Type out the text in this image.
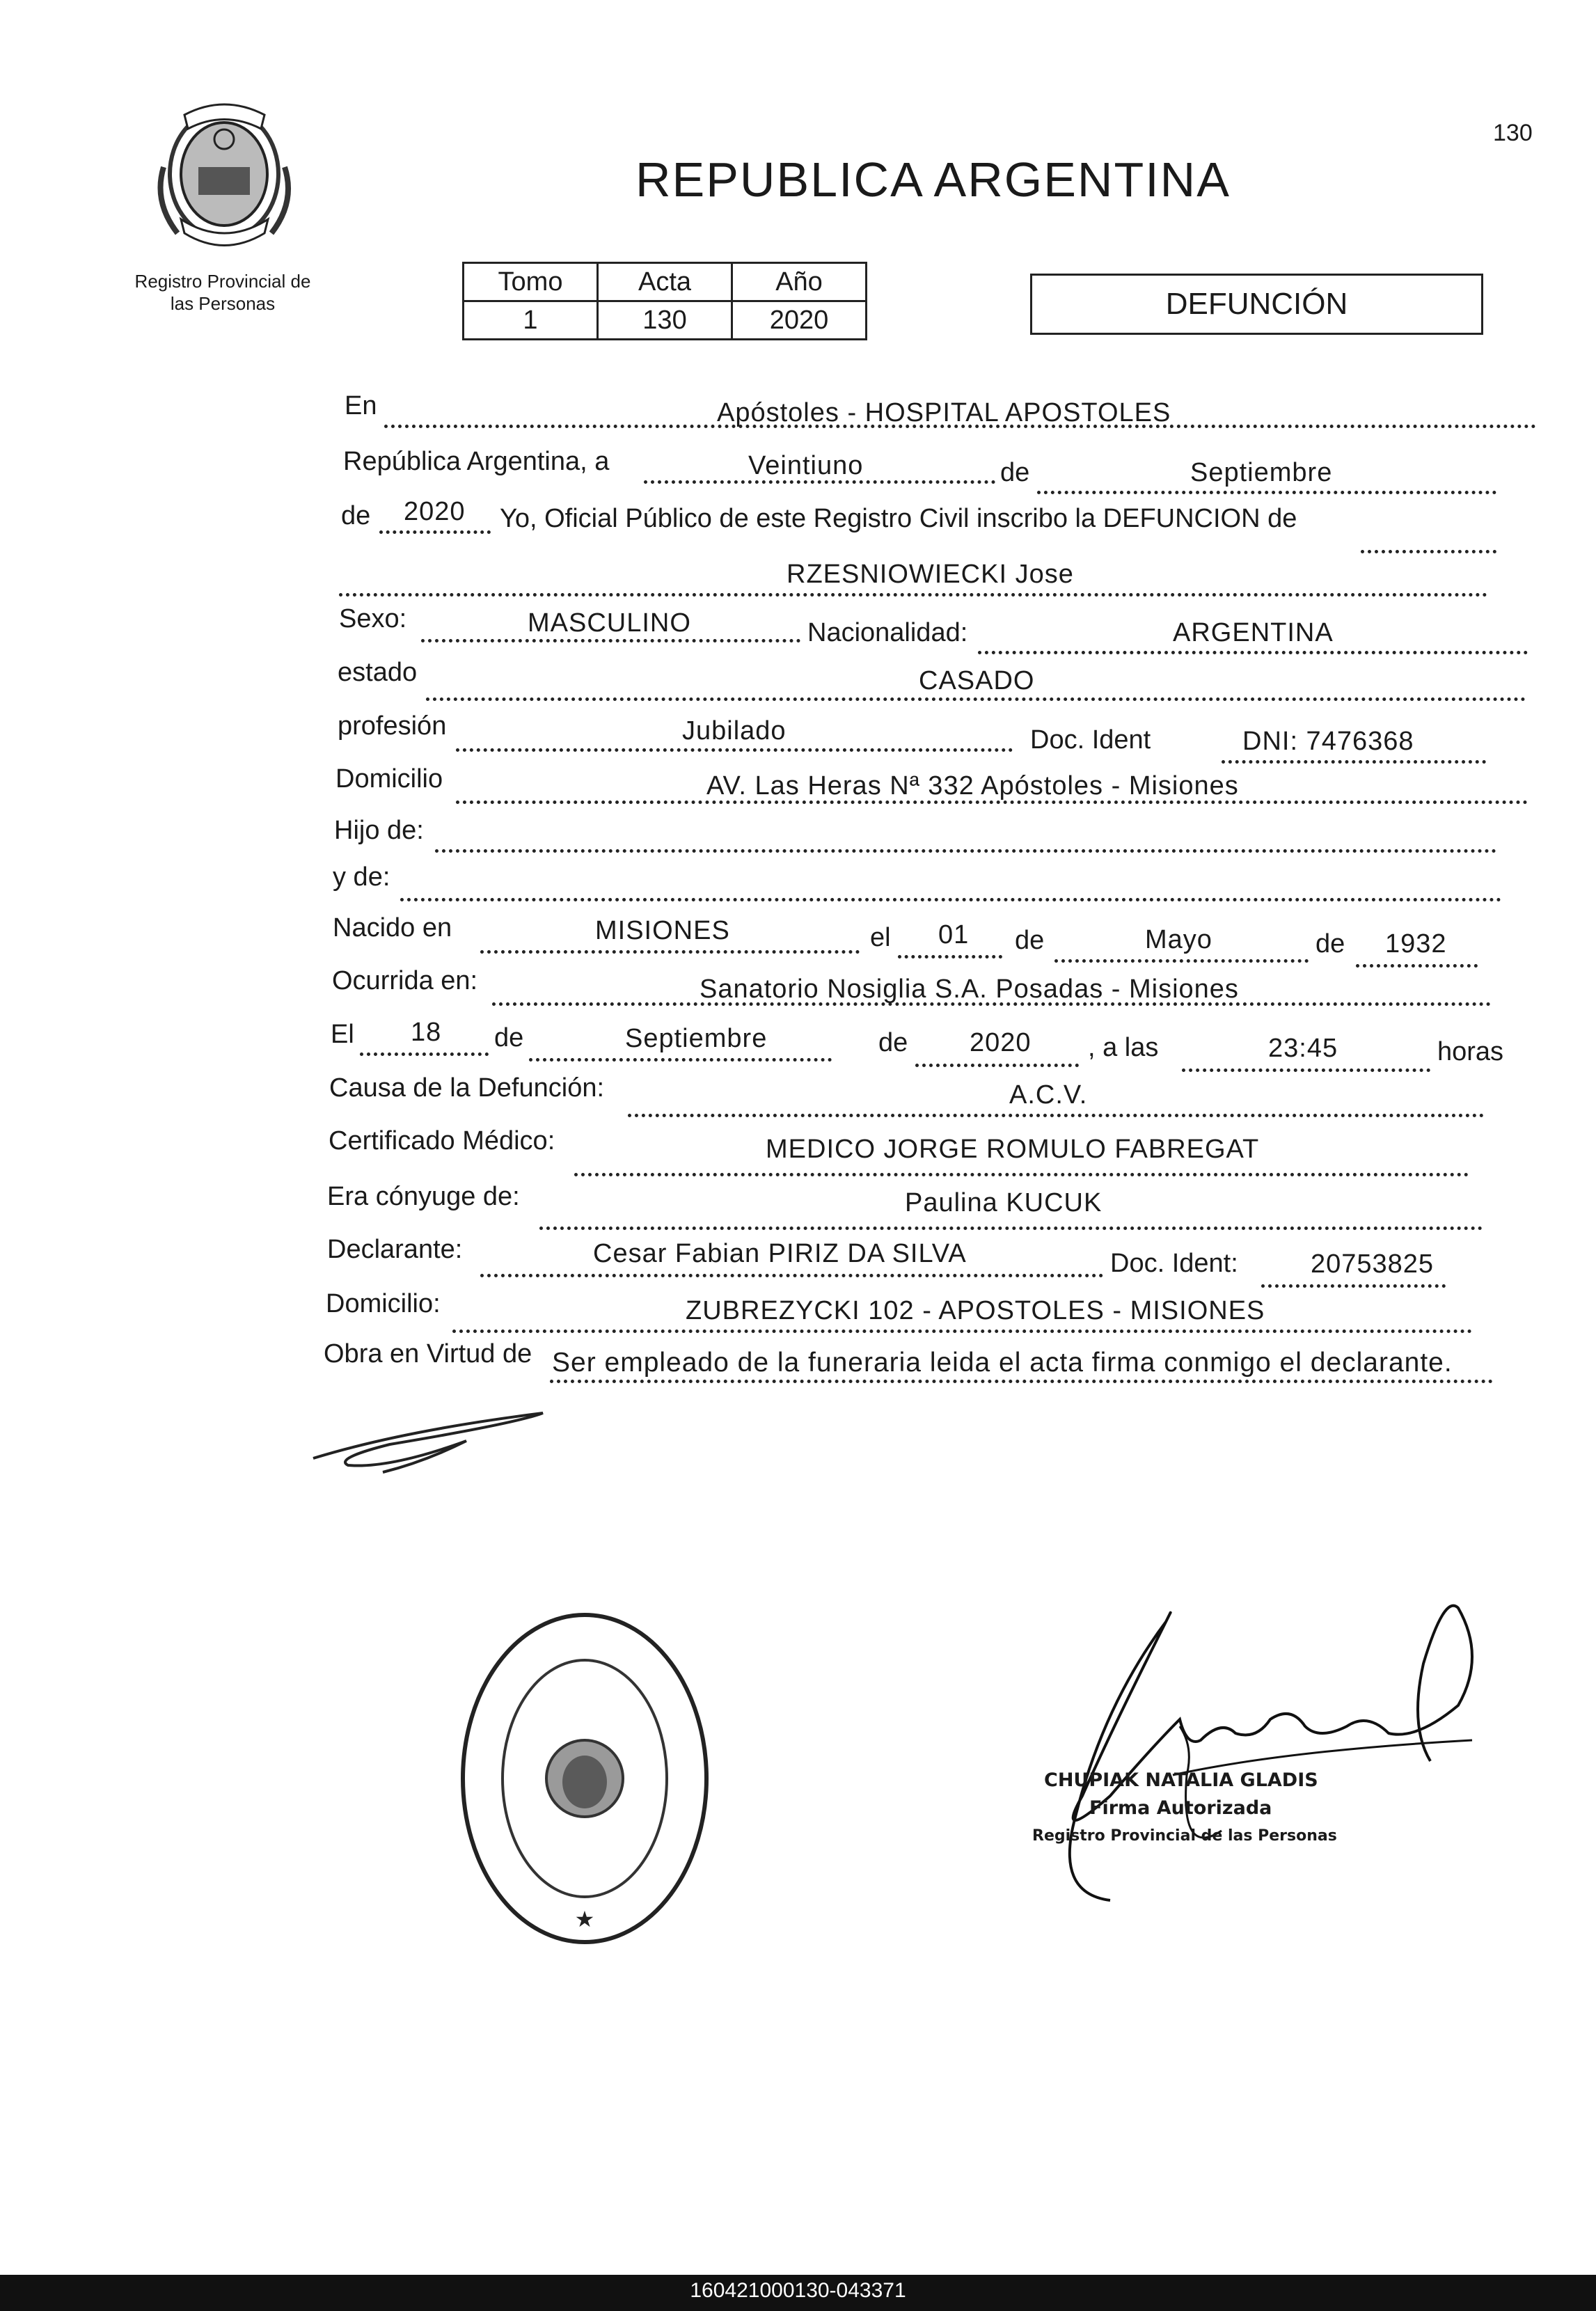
130
Registro Provincial de
las Personas
REPUBLICA ARGENTINA
Tomo	Acta	Año
1	130	2020	DEFUNCIÓN
En	Apóstoles - HOSPITAL APOSTOLES
República Argentina, a	Veintiuno	de	Septiembre
de 2020 Yo, Oficial Público de este Registro Civil inscribo la DEFUNCION de
RZESNIOWIECKI Jose
Sexo:	MASCULINO	Nacionalidad:	ARGENTINA
estado	CASADO
profesión	Jubilado	Doc. Ident	DNI: 7476368
Domicilio	AV. Las Heras Nª 332 Apóstoles - Misiones
Hijo de:
y de:
Nacido en	MISIONES	el 01 de	Mayo	de 1932
Ocurrida en:	Sanatorio Nosiglia S.A. Posadas - Misiones
El 18 de	Septiembre	de 2020 , a las	23:45	horas
Causa de la Defunción:	A.C.V.
Certificado Médico:	MEDICO JORGE ROMULO FABREGAT
Era cónyuge de:	Paulina KUCUK
Declarante:	Cesar Fabian PIRIZ DA SILVA	Doc. Ident:	20753825
Domicilio:	ZUBREZYCKI 102 - APOSTOLES - MISIONES
Obra en Virtud de Ser empleado de la funeraria leida el acta firma conmigo el declarante.
★
CHUPIAK NATALIA GLADIS
Firma Autorizada
Registro Provincial de las Personas
160421000130-043371
